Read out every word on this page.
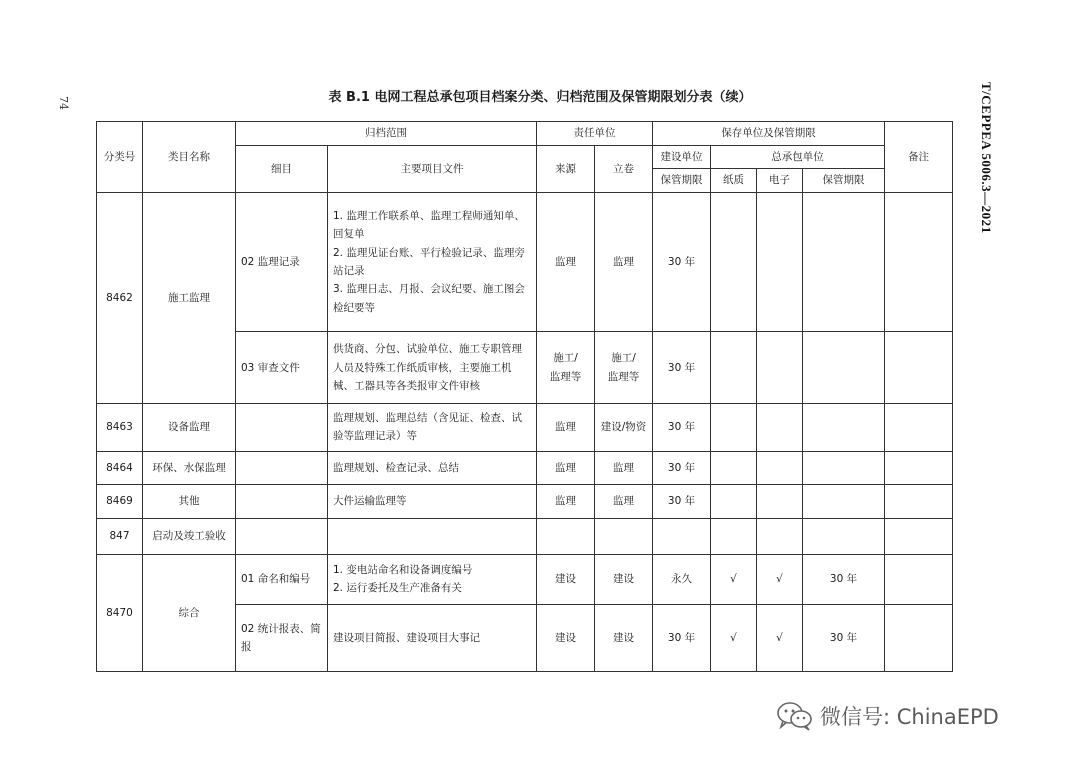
74	T/CEPPEA 5006.3—2021
表 B.1 电网工程总承包项目档案分类、归档范围及保管期限划分表（续）
分类号	类目名称	归档范围		责任单位		保存单位及保管期限				备注
		细目	主要项目文件	来源	立卷	建设单位	总承包单位			
						保管期限	纸质	电子	保管期限	
8462	施工监理	02 监理记录	1. 监理工作联系单、监理工程师通知单、回复单
2. 监理见证台账、平行检验记录、监理旁站记录
3. 监理日志、月报、会议纪要、施工图会检纪要等	监理	监理	30 年				
		03 审查文件	供货商、分包、试验单位、施工专职管理人员及特殊工作纸质审核，主要施工机械、工器具等各类报审文件审核	施工/
监理等	施工/
监理等	30 年				
8463	设备监理		监理规划、监理总结（含见证、检查、试验等监理记录）等	监理	建设/物资	30 年				
8464	环保、水保监理		监理规划、检查记录、总结	监理	监理	30 年				
8469	其他		大件运输监理等	监理	监理	30 年				
847	启动及竣工验收									
8470	综合	01 命名和编号	1. 变电站命名和设备调度编号
2. 运行委托及生产准备有关	建设	建设	永久	√	√	30 年	
		02 统计报表、简报	建设项目简报、建设项目大事记	建设	建设	30 年	√	√	30 年	
微信号: ChinaEPD
